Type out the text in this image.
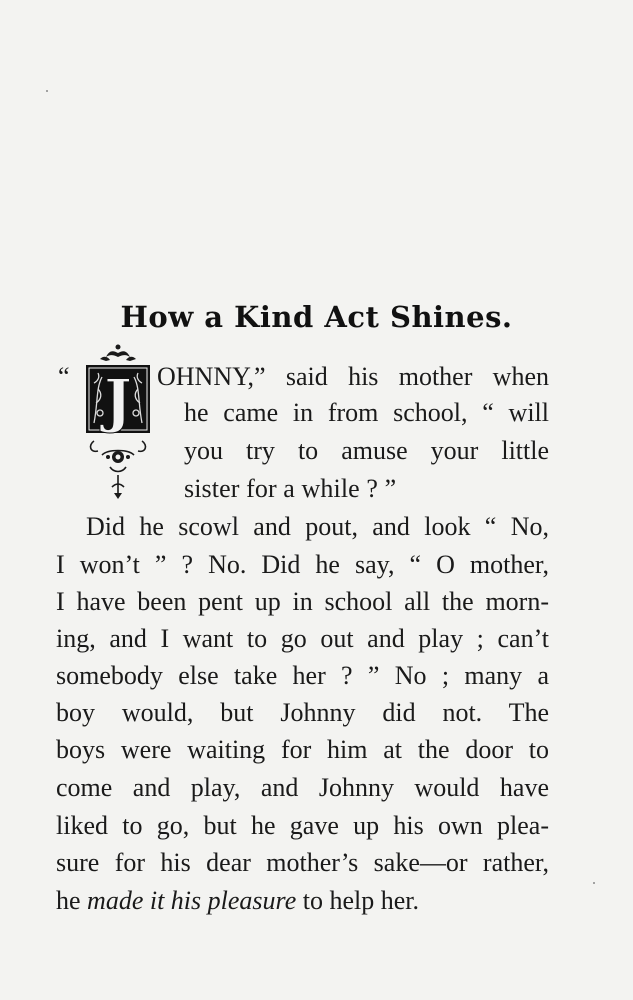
How a Kind Act Shines.
“ J OHNNY,” said his mother when
he came in from school, “ will
you try to amuse your little
sister for a while ? ”
Did he scowl and pout, and look “ No,
I won’t ” ? No. Did he say, “ O mother,
I have been pent up in school all the morn-
ing, and I want to go out and play ; can’t
somebody else take her ? ” No ; many a
boy would, but Johnny did not. The
boys were waiting for him at the door to
come and play, and Johnny would have
liked to go, but he gave up his own plea-
sure for his dear mother’s sake—or rather,
he made it his pleasure to help her.
